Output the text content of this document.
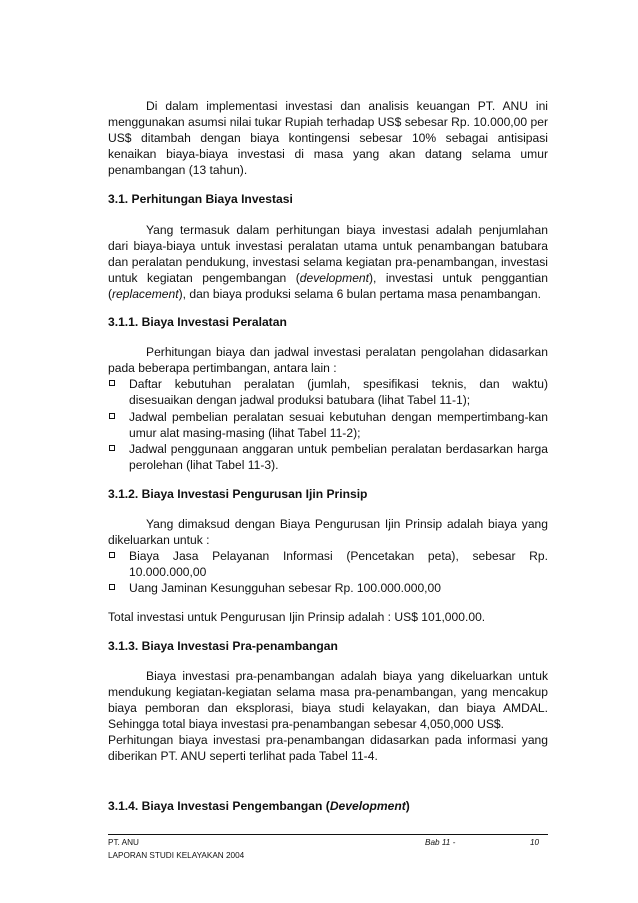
Di dalam implementasi investasi dan analisis keuangan PT. ANU ini menggunakan asumsi nilai tukar Rupiah terhadap US$ sebesar Rp. 10.000,00 per US$ ditambah dengan biaya kontingensi sebesar 10% sebagai antisipasi kenaikan biaya-biaya investasi di masa yang akan datang selama umur penambangan (13 tahun).

3.1. Perhitungan Biaya Investasi

Yang termasuk dalam perhitungan biaya investasi adalah penjumlahan dari biaya-biaya untuk investasi peralatan utama untuk penambangan batubara dan peralatan pendukung, investasi selama kegiatan pra-penambangan, investasi untuk kegiatan pengembangan (development), investasi untuk penggantian (replacement), dan biaya produksi selama 6 bulan pertama masa penambangan.

3.1.1. Biaya Investasi Peralatan

Perhitungan biaya dan jadwal investasi peralatan pengolahan didasarkan pada beberapa pertimbangan, antara lain :

Daftar kebutuhan peralatan (jumlah, spesifikasi teknis, dan waktu) disesuaikan dengan jadwal produksi batubara (lihat Tabel 11-1);
Jadwal pembelian peralatan sesuai kebutuhan dengan mempertimbang-kan umur alat masing-masing (lihat Tabel 11-2);
Jadwal penggunaan anggaran untuk pembelian peralatan berdasarkan harga perolehan (lihat Tabel 11-3).
3.1.2. Biaya Investasi Pengurusan Ijin Prinsip

Yang dimaksud dengan Biaya Pengurusan Ijin Prinsip adalah biaya yang dikeluarkan untuk :

Biaya Jasa Pelayanan Informasi (Pencetakan peta), sebesar Rp. 10.000.000,00
Uang Jaminan Kesungguhan sebesar Rp. 100.000.000,00

Total investasi untuk Pengurusan Ijin Prinsip adalah : US$ 101,000.00.

3.1.3. Biaya Investasi Pra-penambangan

Biaya investasi pra-penambangan adalah biaya yang dikeluarkan untuk mendukung kegiatan-kegiatan selama masa pra-penambangan, yang mencakup biaya pemboran dan eksplorasi, biaya studi kelayakan, dan biaya AMDAL. Sehingga total biaya investasi pra-penambangan sebesar 4,050,000 US$.

Perhitungan biaya investasi pra-penambangan didasarkan pada informasi yang diberikan PT. ANU seperti terlihat pada Tabel 11-4.

3.1.4. Biaya Investasi Pengembangan (Development)
PT. ANU
LAPORAN STUDI KELAYAKAN 2004
Bab 11 -	10
